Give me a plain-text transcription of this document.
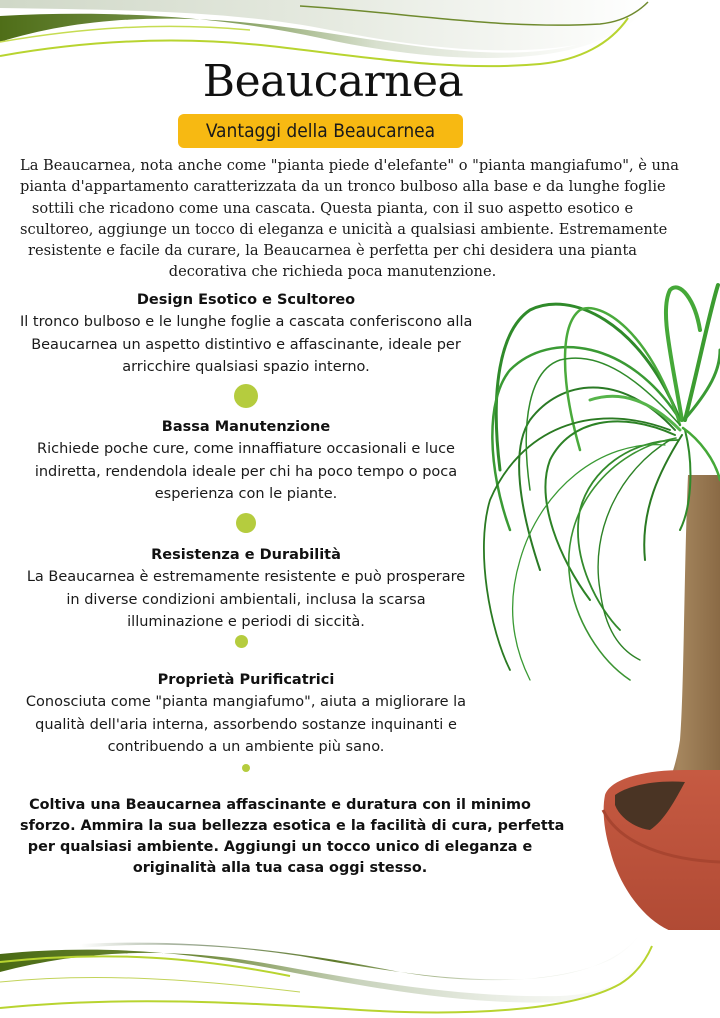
Beaucarnea
Vantaggi della Beaucarnea
La Beaucarnea, nota anche come "pianta piede d'elefante" o "pianta mangiafumo", è una
pianta d'appartamento caratterizzata da un tronco bulboso alla base e da lunghe foglie
sottili che ricadono come una cascata. Questa pianta, con il suo aspetto esotico e
scultoreo, aggiunge un tocco di eleganza e unicità a qualsiasi ambiente. Estremamente
resistente e facile da curare, la Beaucarnea è perfetta per chi desidera una pianta
decorativa che richieda poca manutenzione.
Design Esotico e Scultoreo

Il tronco bulboso e le lunghe foglie a cascata conferiscono alla
Beaucarnea un aspetto distintivo e affascinante, ideale per
arricchire qualsiasi spazio interno.

Bassa Manutenzione

Richiede poche cure, come innaffiature occasionali e luce
indiretta, rendendola ideale per chi ha poco tempo o poca
esperienza con le piante.

Resistenza e Durabilità

La Beaucarnea è estremamente resistente e può prosperare
in diverse condizioni ambientali, inclusa la scarsa
illuminazione e periodi di siccità.

Proprietà Purificatrici

Conosciuta come "pianta mangiafumo", aiuta a migliorare la
qualità dell'aria interna, assorbendo sostanze inquinanti e
contribuendo a un ambiente più sano.

Coltiva una Beaucarnea affascinante e duratura con il minimo
sforzo. Ammira la sua bellezza esotica e la facilità di cura, perfetta
per qualsiasi ambiente. Aggiungi un tocco unico di eleganza e
originalità alla tua casa oggi stesso.
